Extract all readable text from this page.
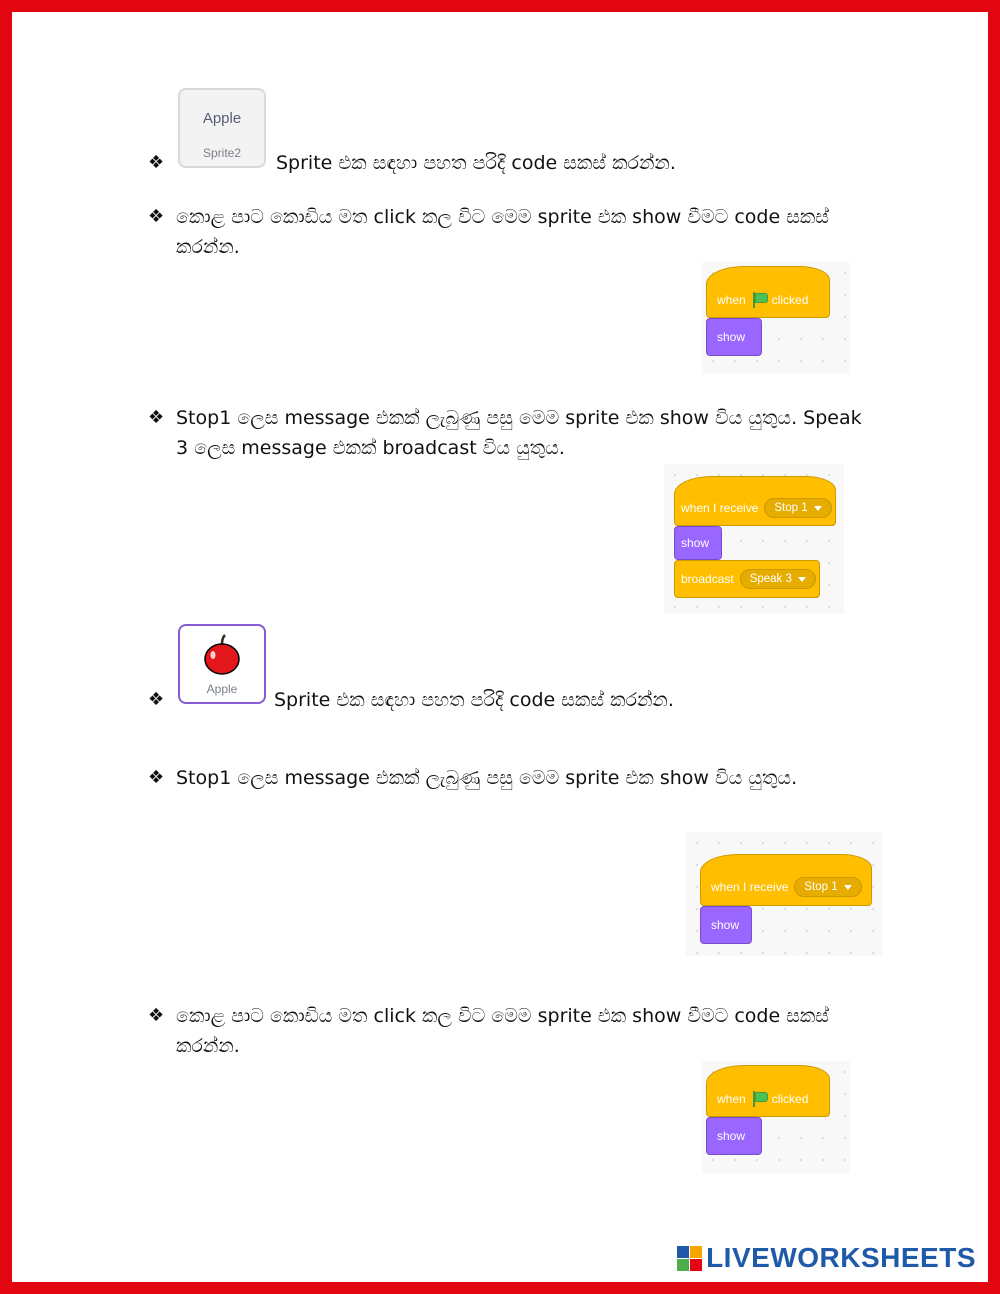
Apple
Sprite2
❖	Sprite එක සඳහා පහත පරිදි code සකස් කරන්න.
❖ කොළ පාට කොඩිය මත click කල විට මෙම sprite එක show වීමට code සකස්
කරන්න.
when clicked
show
❖ Stop1 ලෙස message එකක් ලැබුණු පසු මෙම sprite එක show විය යුතුය. Speak
3 ලෙස message එකක් broadcast විය යුතුය.
when I receive Stop 1
show
broadcast Speak 3
Apple
❖	Sprite එක සඳහා පහත පරිදි code සකස් කරන්න.
❖ Stop1 ලෙස message එකක් ලැබුණු පසු මෙම sprite එක show විය යුතුය.
when I receive Stop 1
show
❖ කොළ පාට කොඩිය මත click කල විට මෙම sprite එක show වීමට code සකස්
කරන්න.
when clicked
show
LIVEWORKSHEETS
